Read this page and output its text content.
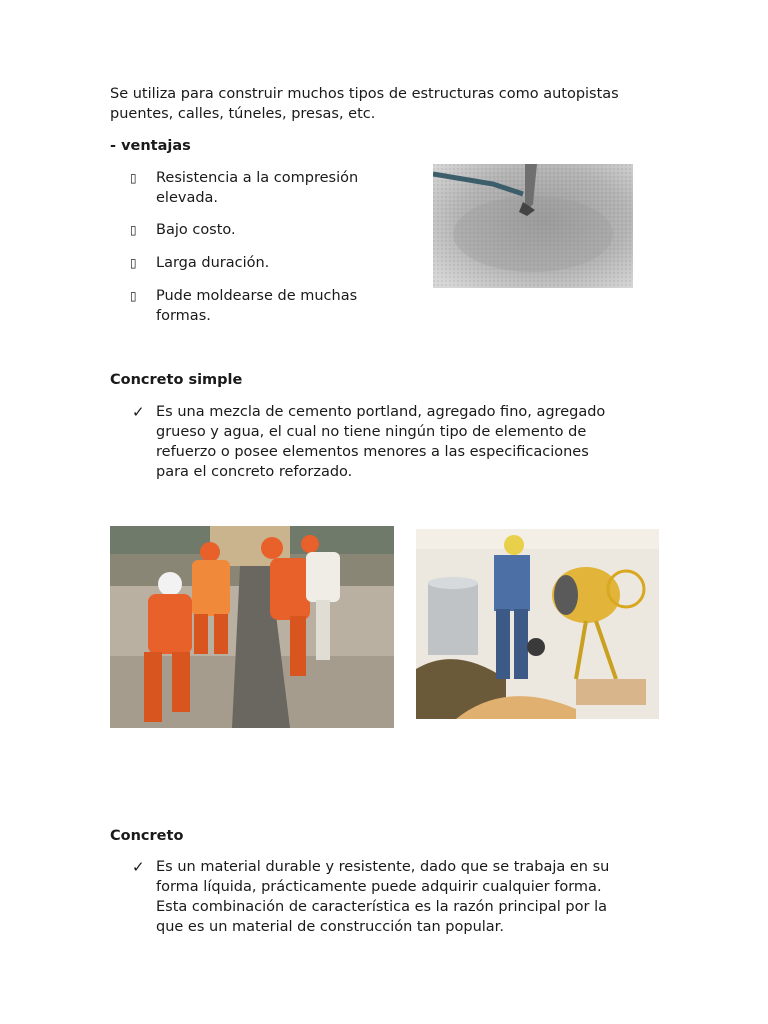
Se utiliza para construir muchos tipos de estructuras como autopistas
puentes, calles, túneles, presas, etc.
- ventajas
▯	Resistencia a la compresión
elevada.
▯	Bajo costo.
▯	Larga duración.
▯	Pude moldearse de muchas
formas.
Concreto simple
✓ Es una mezcla de cemento portland, agregado fino, agregado
grueso y agua, el cual no tiene ningún tipo de elemento de
refuerzo o posee elementos menores a las especificaciones
para el concreto reforzado.
Concreto
✓ Es un material durable y resistente, dado que se trabaja en su
forma líquida, prácticamente puede adquirir cualquier forma.
Esta combinación de característica es la razón principal por la
que es un material de construcción tan popular.
